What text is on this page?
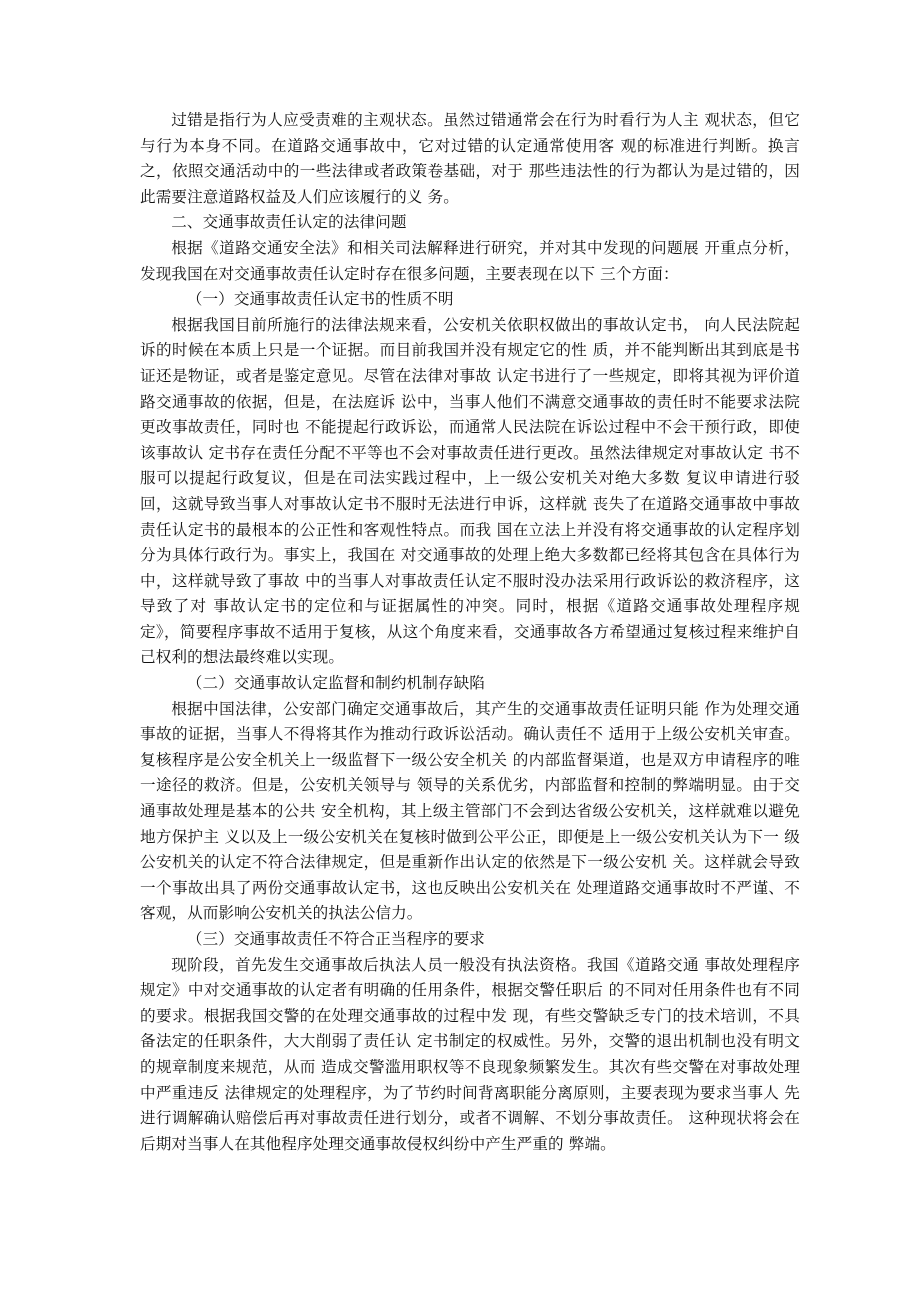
过错是指行为人应受责难的主观状态。虽然过错通常会在行为时看行为人主 观状态，但它与行为本身不同。在道路交通事故中，它对过错的认定通常使用客 观的标准进行判断。换言之，依照交通活动中的一些法律或者政策卷基础，对于 那些违法性的行为都认为是过错的，因此需要注意道路权益及人们应该履行的义 务。

二、交通事故责任认定的法律问题

根据《道路交通安全法》和相关司法解释进行研究，并对其中发现的问题展 开重点分析，发现我国在对交通事故责任认定时存在很多问题，主要表现在以下 三个方面：

（一）交通事故责任认定书的性质不明

根据我国目前所施行的法律法规来看，公安机关依职权做出的事故认定书， 向人民法院起诉的时候在本质上只是一个证据。而目前我国并没有规定它的性 质，并不能判断出其到底是书证还是物证，或者是鉴定意见。尽管在法律对事故 认定书进行了一些规定，即将其视为评价道路交通事故的依据，但是，在法庭诉 讼中，当事人他们不满意交通事故的责任时不能要求法院更改事故责任，同时也 不能提起行政诉讼，而通常人民法院在诉讼过程中不会干预行政，即使该事故认 定书存在责任分配不平等也不会对事故责任进行更改。虽然法律规定对事故认定 书不服可以提起行政复议，但是在司法实践过程中，上一级公安机关对绝大多数 复议申请进行驳回，这就导致当事人对事故认定书不服时无法进行申诉，这样就 丧失了在道路交通事故中事故责任认定书的最根本的公正性和客观性特点。而我 国在立法上并没有将交通事故的认定程序划分为具体行政行为。事实上，我国在 对交通事故的处理上绝大多数都已经将其包含在具体行为中，这样就导致了事故 中的当事人对事故责任认定不服时没办法采用行政诉讼的救济程序，这导致了对 事故认定书的定位和与证据属性的冲突。同时，根据《道路交通事故处理程序规 定》，简要程序事故不适用于复核，从这个角度来看，交通事故各方希望通过复核过程来维护自己权利的想法最终难以实现。

（二）交通事故认定监督和制约机制存缺陷

根据中国法律，公安部门确定交通事故后，其产生的交通事故责任证明只能 作为处理交通事故的证据，当事人不得将其作为推动行政诉讼活动。确认责任不 适用于上级公安机关审查。复核程序是公安全机关上一级监督下一级公安全机关 的内部监督渠道，也是双方申请程序的唯一途径的救济。但是，公安机关领导与 领导的关系优劣，内部监督和控制的弊端明显。由于交通事故处理是基本的公共 安全机构，其上级主管部门不会到达省级公安机关，这样就难以避免地方保护主 义以及上一级公安机关在复核时做到公平公正，即便是上一级公安机关认为下一 级公安机关的认定不符合法律规定，但是重新作出认定的依然是下一级公安机 关。这样就会导致一个事故出具了两份交通事故认定书，这也反映出公安机关在 处理道路交通事故时不严谨、不客观，从而影响公安机关的执法公信力。

（三）交通事故责任不符合正当程序的要求

现阶段，首先发生交通事故后执法人员一般没有执法资格。我国《道路交通 事故处理程序规定》中对交通事故的认定者有明确的任用条件，根据交警任职后 的不同对任用条件也有不同的要求。根据我国交警的在处理交通事故的过程中发 现，有些交警缺乏专门的技术培训，不具备法定的任职条件，大大削弱了责任认 定书制定的权威性。另外，交警的退出机制也没有明文的规章制度来规范，从而 造成交警滥用职权等不良现象频繁发生。其次有些交警在对事故处理中严重违反 法律规定的处理程序，为了节约时间背离职能分离原则，主要表现为要求当事人 先进行调解确认赔偿后再对事故责任进行划分，或者不调解、不划分事故责任。 这种现状将会在后期对当事人在其他程序处理交通事故侵权纠纷中产生严重的 弊端。
